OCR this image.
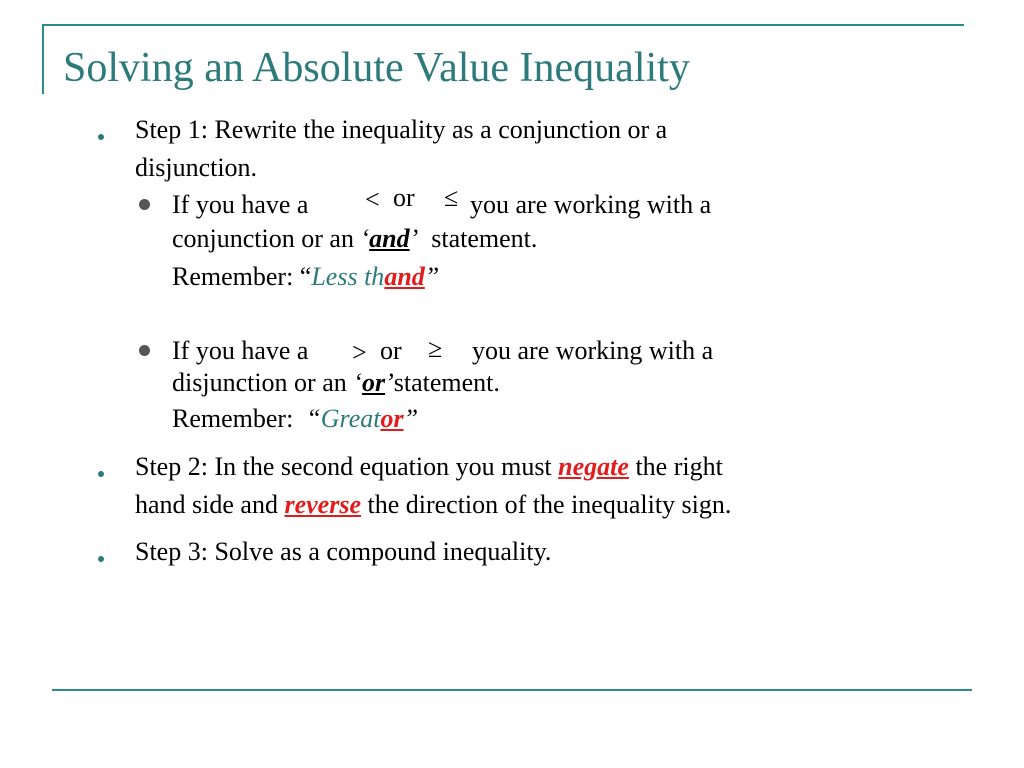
Solving an Absolute Value Inequality
Step 1: Rewrite the inequality as a conjunction or a
disjunction.
If you have a < or ≤ you are working with a
conjunction or an ‘and’ statement.
Remember: “Less thand”
If you have a > or ≥ you are working with a
disjunction or an ‘or’statement.
Remember: “Greator”
Step 2: In the second equation you must negate the right
hand side and reverse the direction of the inequality sign.
Step 3: Solve as a compound inequality.
